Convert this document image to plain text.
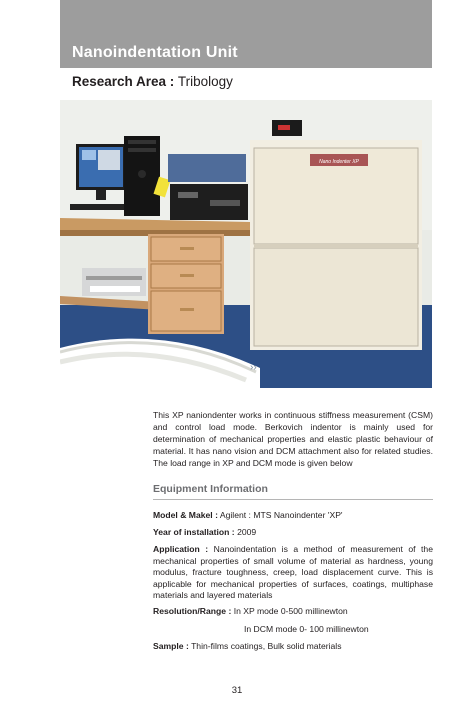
Nanoindentation Unit
Research Area : Tribology
Nano Indenter XP
››

This XP naniondenter works in continuous stiffness measurement (CSM) and control load mode. Berkovich indentor is mainly used for determination of mechanical properties and elastic plastic behaviour of material. It has nano vision and DCM attachment also for related studies. The load range in XP and DCM mode is given below

Equipment Information
Model & Makel : Agilent : MTS Nanoindenter 'XP'
Year of installation : 2009
Application : Nanoindentation is a method of measurement of the mechanical properties of small volume of material as hardness, young modulus, fracture toughness, creep, load displacement curve. This is applicable for mechanical properties of surfaces, coatings, multiphase materials and layered materials
Resolution/Range : In XP mode 0-500 millinewton
In DCM mode 0- 100 millinewton
Sample : Thin-films coatings, Bulk solid materials
31
